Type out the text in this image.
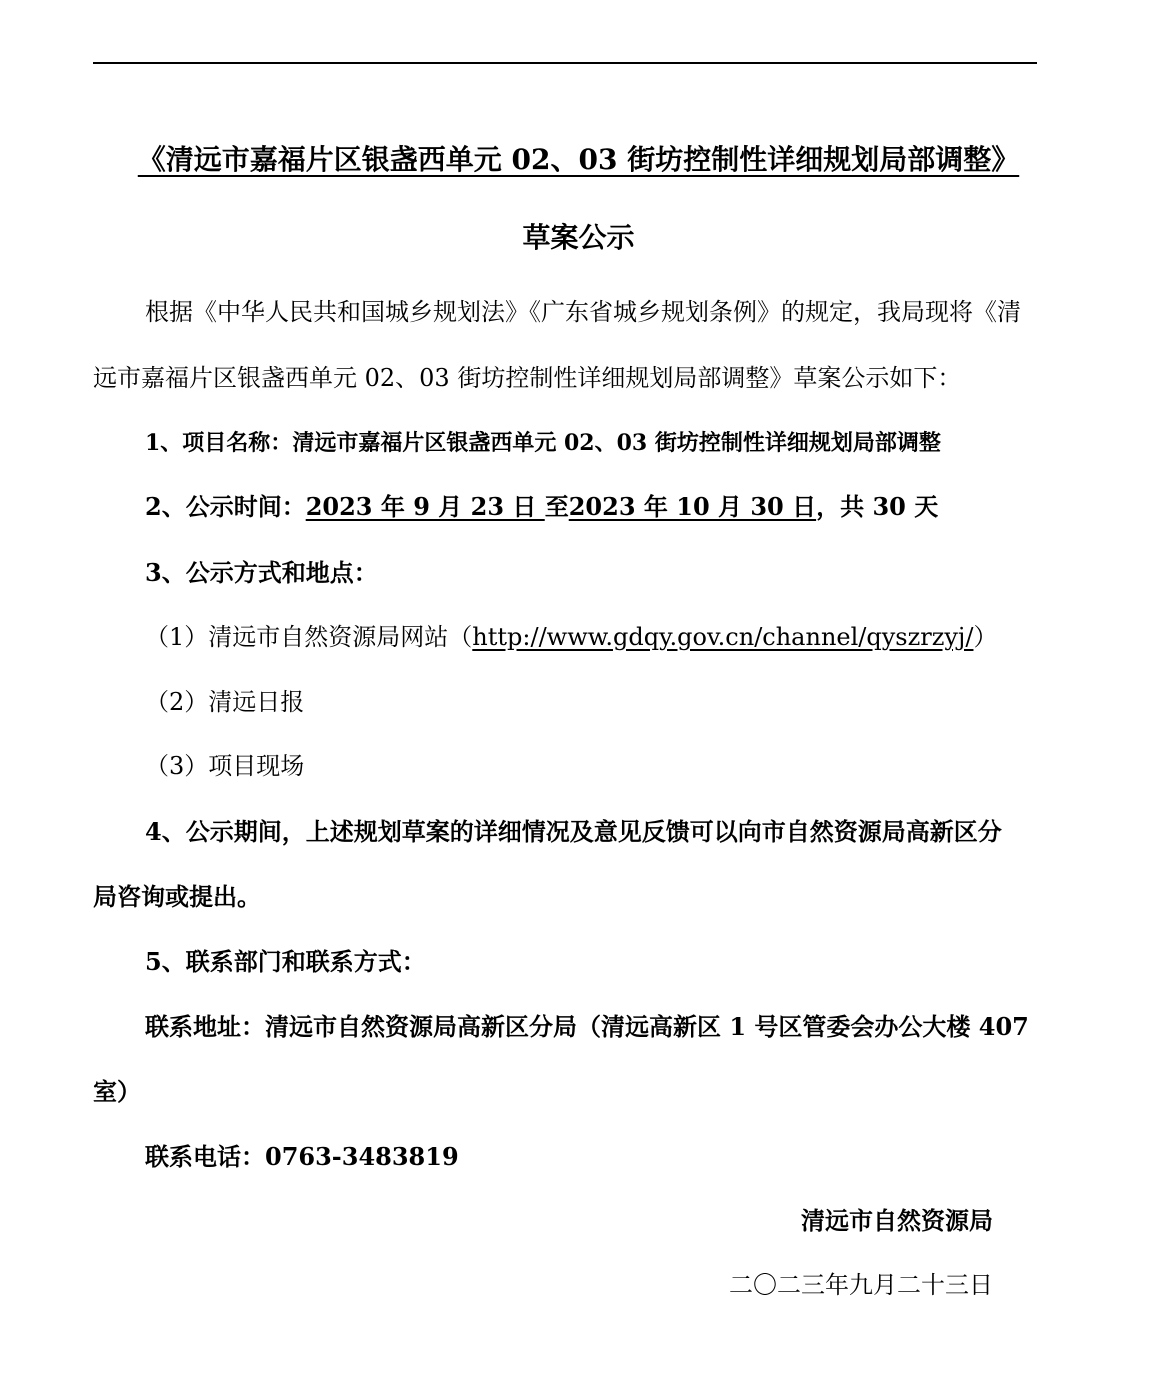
《清远市嘉福片区银盏西单元 02、03 街坊控制性详细规划局部调整》
草案公示
根据《中华人民共和国城乡规划法》《广东省城乡规划条例》的规定，我局现将《清
远市嘉福片区银盏西单元 02、03 街坊控制性详细规划局部调整》草案公示如下：
1、项目名称：清远市嘉福片区银盏西单元 02、03 街坊控制性详细规划局部调整
2、公示时间：2023 年 9 月 23 日 至2023 年 10 月 30 日，共 30 天
3、公示方式和地点：
（1）清远市自然资源局网站（http://www.gdqy.gov.cn/channel/qyszrzyj/）
（2）清远日报
（3）项目现场
4、公示期间，上述规划草案的详细情况及意见反馈可以向市自然资源局高新区分
局咨询或提出。
5、联系部门和联系方式：
联系地址：清远市自然资源局高新区分局（清远高新区 1 号区管委会办公大楼 407
室）
联系电话：0763-3483819
清远市自然资源局
二〇二三年九月二十三日
